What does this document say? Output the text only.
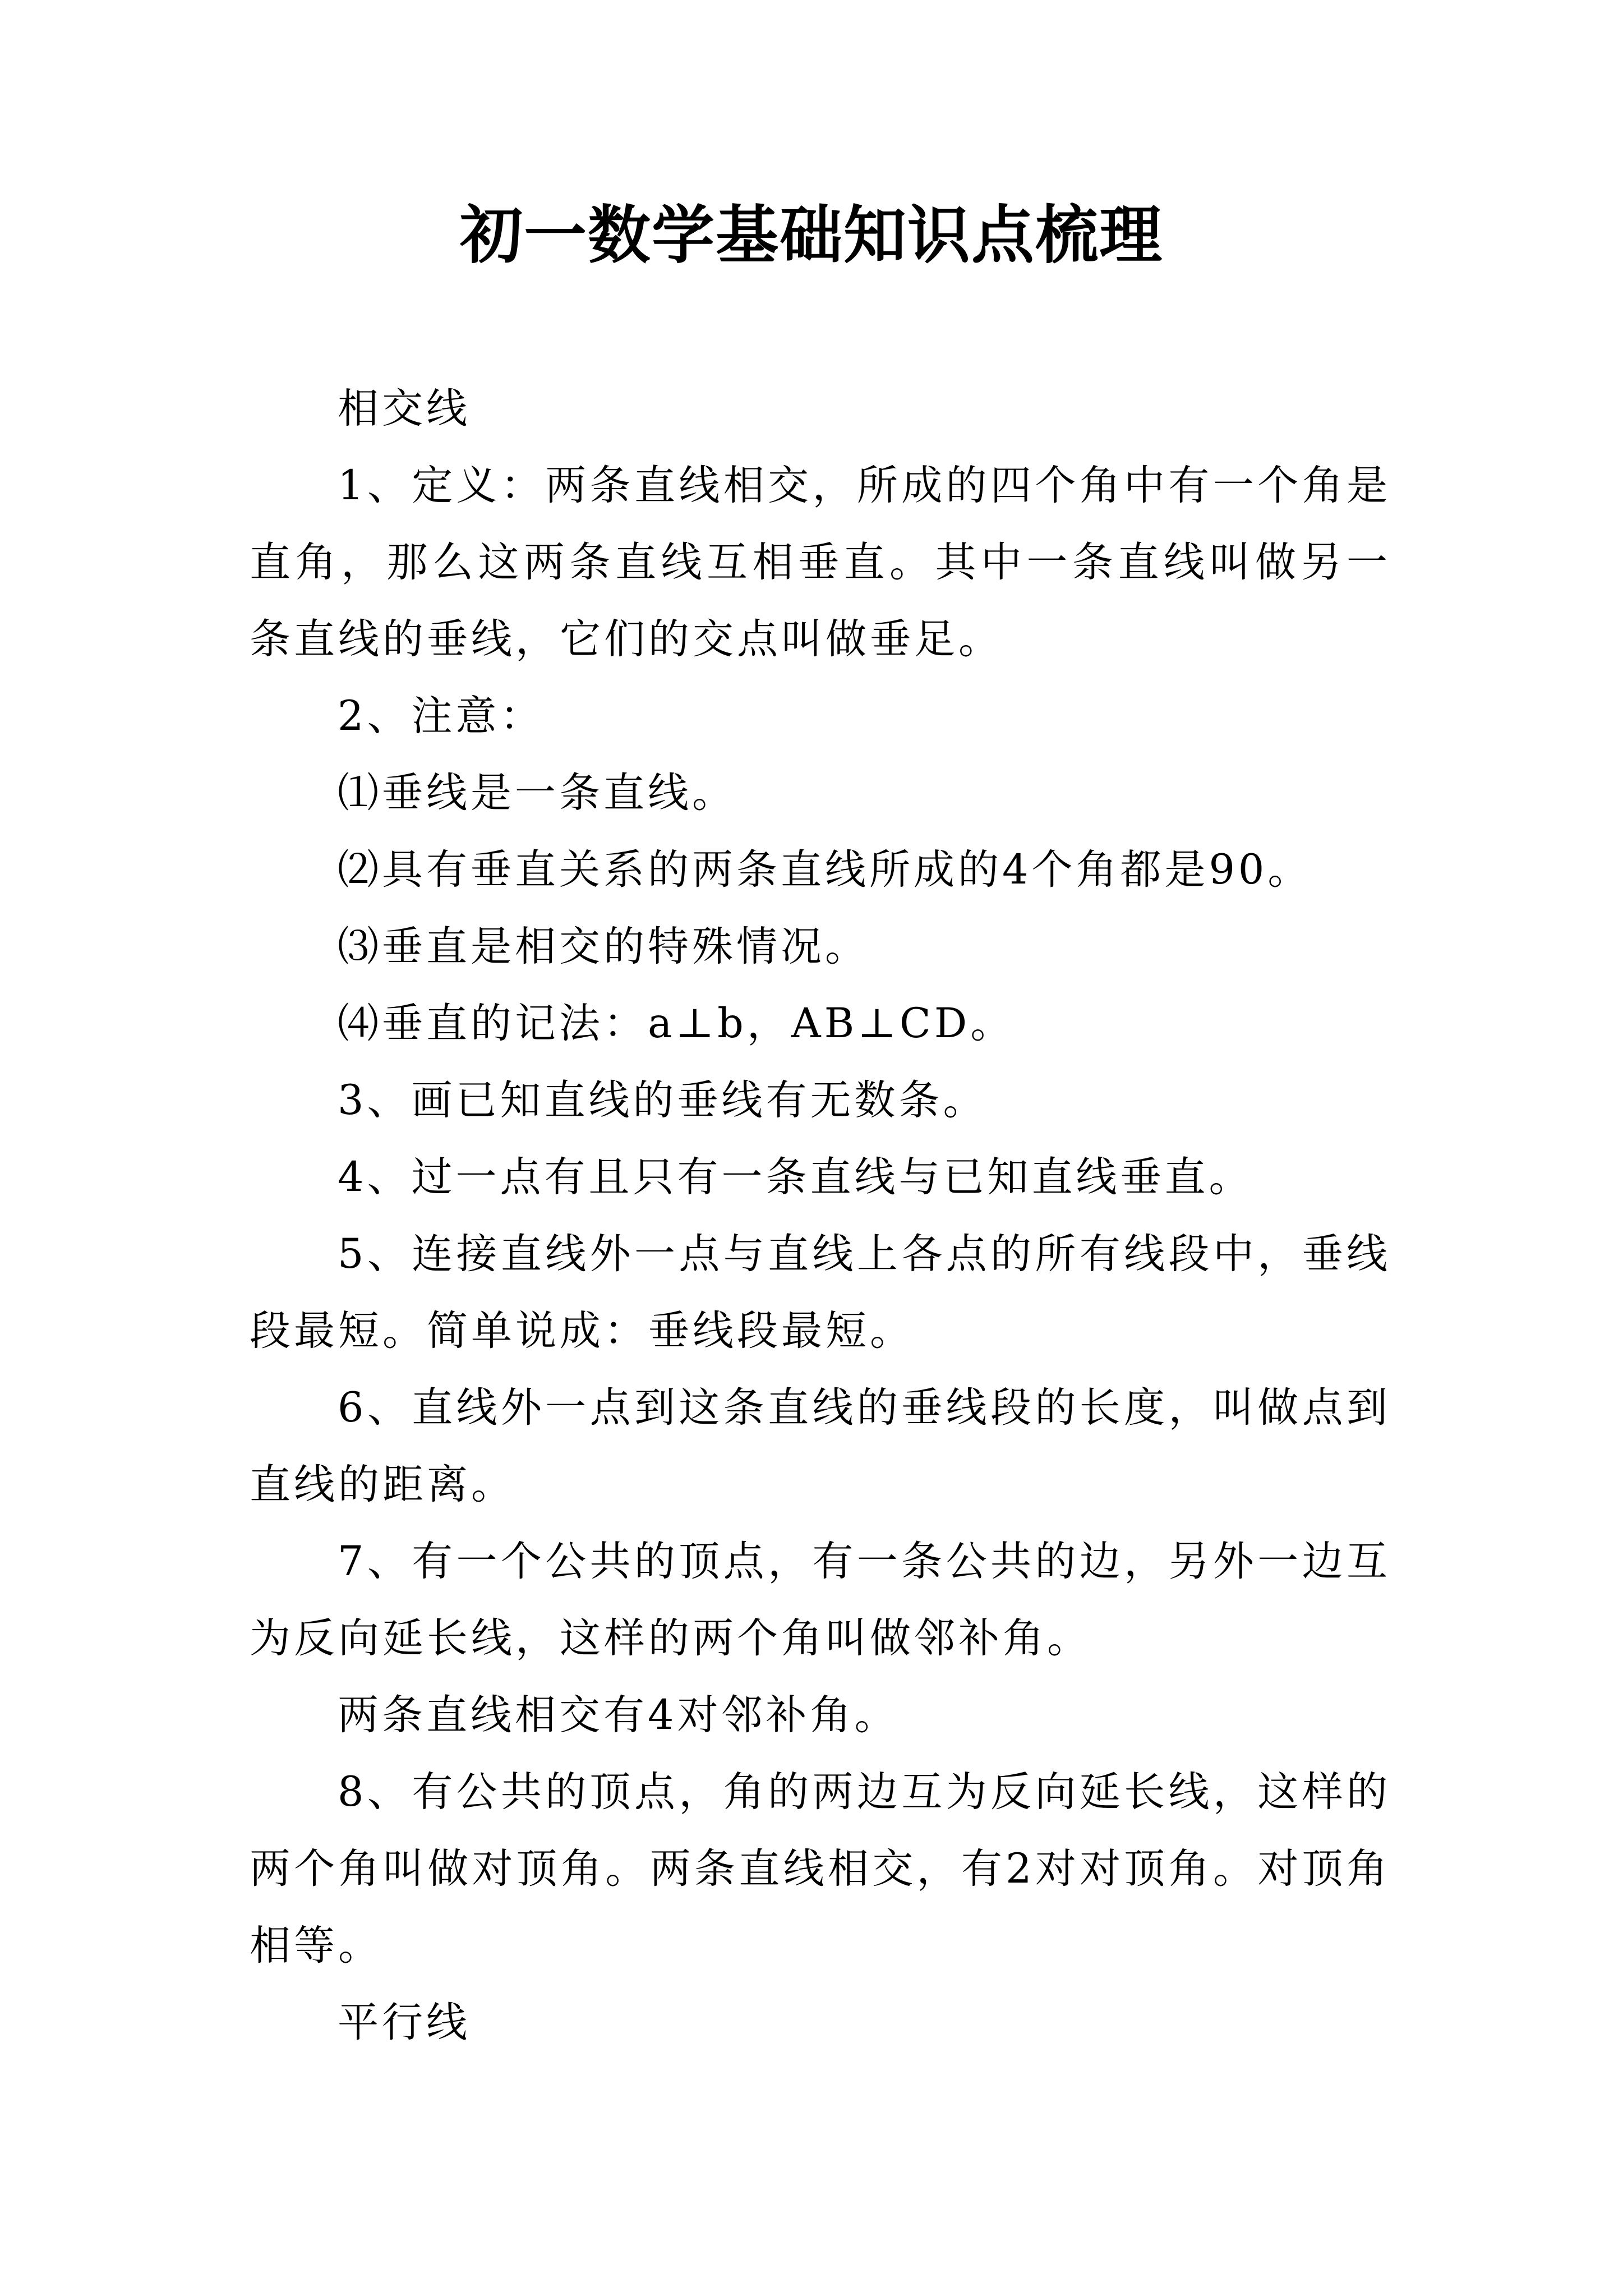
初一数学基础知识点梳理

相交线

1、定义：两条直线相交，所成的四个角中有一个角是直角，那么这两条直线互相垂直。其中一条直线叫做另一条直线的垂线，它们的交点叫做垂足。

2、注意：

⑴垂线是一条直线。

⑵具有垂直关系的两条直线所成的4个角都是90。

⑶垂直是相交的特殊情况。

⑷垂直的记法：a⊥b，AB⊥CD。

3、画已知直线的垂线有无数条。

4、过一点有且只有一条直线与已知直线垂直。

5、连接直线外一点与直线上各点的所有线段中，垂线段最短。简单说成：垂线段最短。

6、直线外一点到这条直线的垂线段的长度，叫做点到直线的距离。

7、有一个公共的顶点，有一条公共的边，另外一边互为反向延长线，这样的两个角叫做邻补角。

两条直线相交有4对邻补角。

8、有公共的顶点，角的两边互为反向延长线，这样的两个角叫做对顶角。两条直线相交，有2对对顶角。对顶角相等。

平行线
